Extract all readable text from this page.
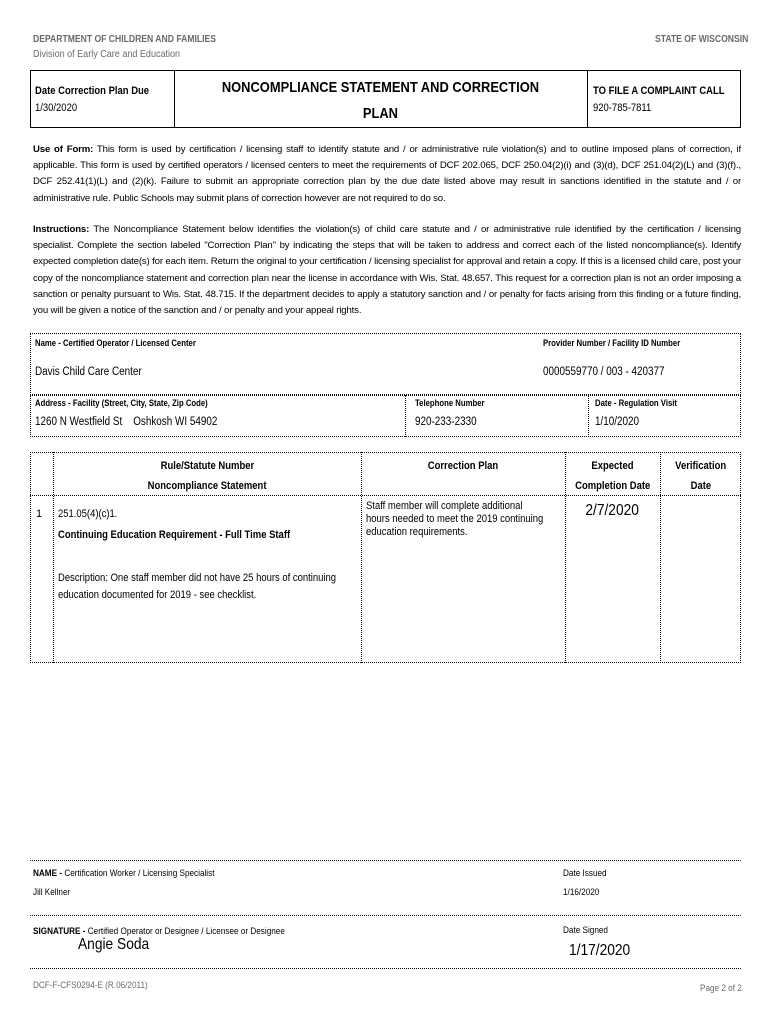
DEPARTMENT OF CHILDREN AND FAMILIES
Division of Early Care and Education
STATE OF WISCONSIN
Date Correction Plan Due
1/30/2020
NONCOMPLIANCE STATEMENT AND CORRECTION
PLAN
TO FILE A COMPLAINT CALL
920-785-7811
Use of Form: This form is used by certification / licensing staff to identify statute and / or administrative rule violation(s) and to outline imposed plans of correction, if applicable. This form is used by certified operators / licensed centers to meet the requirements of DCF 202.065, DCF 250.04(2)(i) and (3)(d), DCF 251.04(2)(L) and (3)(f)., DCF 252.41(1)(L) and (2)(k). Failure to submit an appropriate correction plan by the due date listed above may result in sanctions identified in the statute and / or administrative rule. Public Schools may submit plans of correction however are not required to do so.
Instructions: The Noncompliance Statement below identifies the violation(s) of child care statute and / or administrative rule identified by the certification / licensing specialist. Complete the section labeled "Correction Plan" by indicating the steps that will be taken to address and correct each of the listed noncompliance(s). Identify expected completion date(s) for each item. Return the original to your certification / licensing specialist for approval and retain a copy. If this is a licensed child care, post your copy of the noncompliance statement and correction plan near the license in accordance with Wis. Stat. 48.657. This request for a correction plan is not an order imposing a sanction or penalty pursuant to Wis. Stat. 48.715. If the department decides to apply a statutory sanction and / or penalty for facts arising from this finding or a future finding, you will be given a notice of the sanction and / or penalty and your appeal rights.
Name - Certified Operator / Licensed Center
Davis Child Care Center
Provider Number / Facility ID Number
0000559770 / 003 - 420377
Address - Facility (Street, City, State, Zip Code)
1260 N Westfield St    Oshkosh WI 54902
Telephone Number
920-233-2330
Date - Regulation Visit
1/10/2020
Rule/Statute Number
Noncompliance Statement
Correction Plan	Expected
Completion Date
Verification
Date
1 251.05(4)(c)1.
Continuing Education Requirement - Full Time Staff
Description: One staff member did not have 25 hours of continuing
education documented for 2019 - see checklist.
Staff member will complete additional
hours needed to meet the 2019 continuing
education requirements.
2/7/2020
NAME - Certification Worker / Licensing Specialist
Jill Kellner
Date Issued
1/16/2020
SIGNATURE - Certified Operator or Designee / Licensee or Designee
Angie Soda
Date Signed
1/17/2020
DCF-F-CFS0294-E (R.06/2011)	Page 2 of 2
